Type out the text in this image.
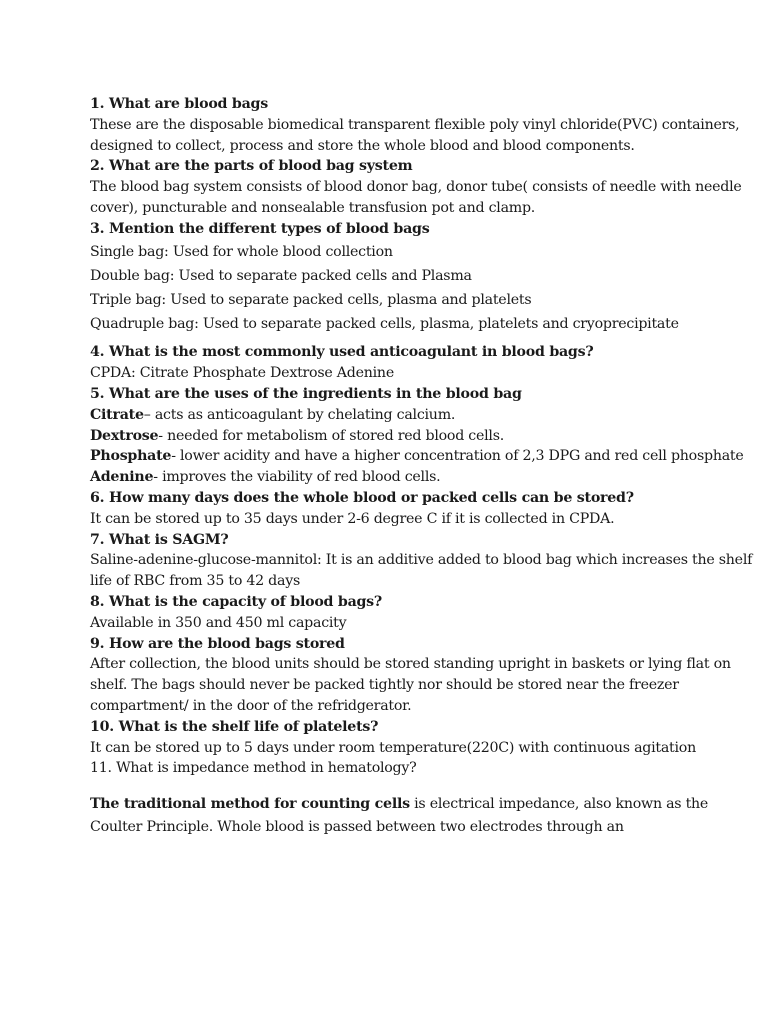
1. What are blood bags

These are the disposable biomedical transparent flexible poly vinyl chloride(PVC) containers, designed to collect, process and store the whole blood and blood components.

2. What are the parts of blood bag system

The blood bag system consists of blood donor bag, donor tube( consists of needle with needle cover), puncturable and nonsealable transfusion pot and clamp.

3. Mention the different types of blood bags

Single bag: Used for whole blood collection

Double bag: Used to separate packed cells and Plasma

Triple bag: Used to separate packed cells, plasma and platelets

Quadruple bag: Used to separate packed cells, plasma, platelets and cryoprecipitate

4. What is the most commonly used anticoagulant in blood bags?

CPDA: Citrate Phosphate Dextrose Adenine

5. What are the uses of the ingredients in the blood bag

Citrate– acts as anticoagulant by chelating calcium.

Dextrose- needed for metabolism of stored red blood cells.

Phosphate- lower acidity and have a higher concentration of 2,3 DPG and red cell phosphate

Adenine- improves the viability of red blood cells.

6. How many days does the whole blood or packed cells can be stored?

It can be stored up to 35 days under 2-6 degree C if it is collected in CPDA.

7. What is SAGM?

Saline-adenine-glucose-mannitol: It is an additive added to blood bag which increases the shelf life of RBC from 35 to 42 days

8. What is the capacity of blood bags?

Available in 350 and 450 ml capacity

9. How are the blood bags stored

After collection, the blood units should be stored standing upright in baskets or lying flat on shelf. The bags should never be packed tightly nor should be stored near the freezer compartment/ in the door of the refridgerator.

10. What is the shelf life of platelets?

It can be stored up to 5 days under room temperature(220C) with continuous agitation

11. What is impedance method in hematology?

The traditional method for counting cells is electrical impedance, also known as the Coulter Principle. Whole blood is passed between two electrodes through an
